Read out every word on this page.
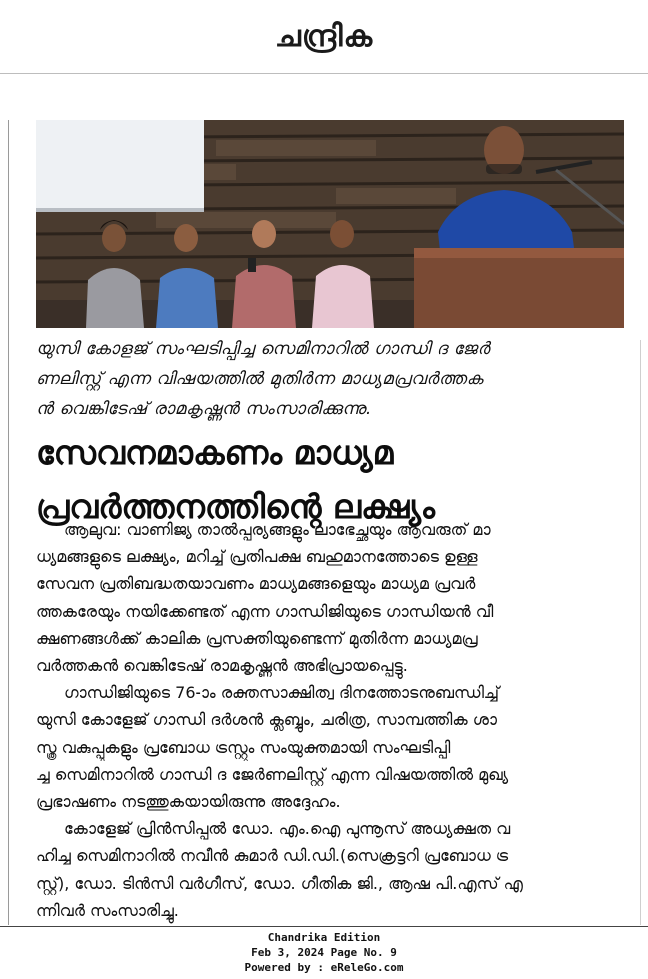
ചന്ദ്രിക
യുസി കോളജ് സംഘടിപ്പിച്ച സെമിനാറിൽ ഗാന്ധി ദ ജേർ
ണലിസ്റ്റ് എന്ന വിഷയത്തിൽ മുതിർന്ന മാധ്യമപ്രവർത്തക
ൻ വെങ്കിടേഷ് രാമകൃഷ്ണൻ സംസാരിക്കുന്നു.
സേവനമാകണം മാധ്യമ
പ്രവർത്തനത്തിന്റെ ലക്ഷ്യം
ആലുവ: വാണിജ്യ താൽപ്പര്യങ്ങളും ലാഭേച്ഛയും ആവരുത് മാ
ധ്യമങ്ങളുടെ ലക്ഷ്യം, മറിച്ച് പ്രതിപക്ഷ ബഹുമാനത്തോടെ ഉള്ള
സേവന പ്രതിബദ്ധതയാവണം മാധ്യമങ്ങളെയും മാധ്യമ പ്രവർ
ത്തകരേയും നയിക്കേണ്ടത് എന്ന ഗാന്ധിജിയുടെ ഗാന്ധിയൻ വീ
ക്ഷണങ്ങൾക്ക് കാലിക പ്രസക്തിയുണ്ടെന്ന് മുതിർന്ന മാധ്യമപ്ര
വർത്തകൻ വെങ്കിടേഷ് രാമകൃഷ്ണൻ അഭിപ്രായപ്പെട്ടു.
ഗാന്ധിജിയുടെ 76-ാം രക്തസാക്ഷിത്വ ദിനത്തോടനുബന്ധിച്ച്
യുസി കോളേജ് ഗാന്ധി ദർശൻ ക്ലബ്ബും, ചരിത്ര, സാമ്പത്തിക ശാ
സ്ത്ര വകുപ്പുകളും പ്രബോധ ട്രസ്റ്റും സംയുക്തമായി സംഘടിപ്പി
ച്ച സെമിനാറിൽ ഗാന്ധി ദ ജേർണലിസ്റ്റ് എന്ന വിഷയത്തിൽ മുഖ്യ
പ്രഭാഷണം നടത്തുകയായിരുന്നു അദ്ദേഹം.
കോളേജ് പ്രിൻസിപ്പൽ ഡോ. എം.ഐ പുന്നൂസ് അധ്യക്ഷത വ
ഹിച്ച സെമിനാറിൽ നവീൻ കുമാർ ഡി.ഡി.(സെക്രട്ടറി പ്രബോധ ട്ര
സ്റ്റ്), ഡോ. ടിൻസി വർഗീസ്, ഡോ. ഗീതിക ജി., ആഷ പി.എസ് എ
ന്നിവർ സംസാരിച്ചു.
Chandrika Edition
Feb 3, 2024 Page No. 9
Powered by : eReleGo.com
